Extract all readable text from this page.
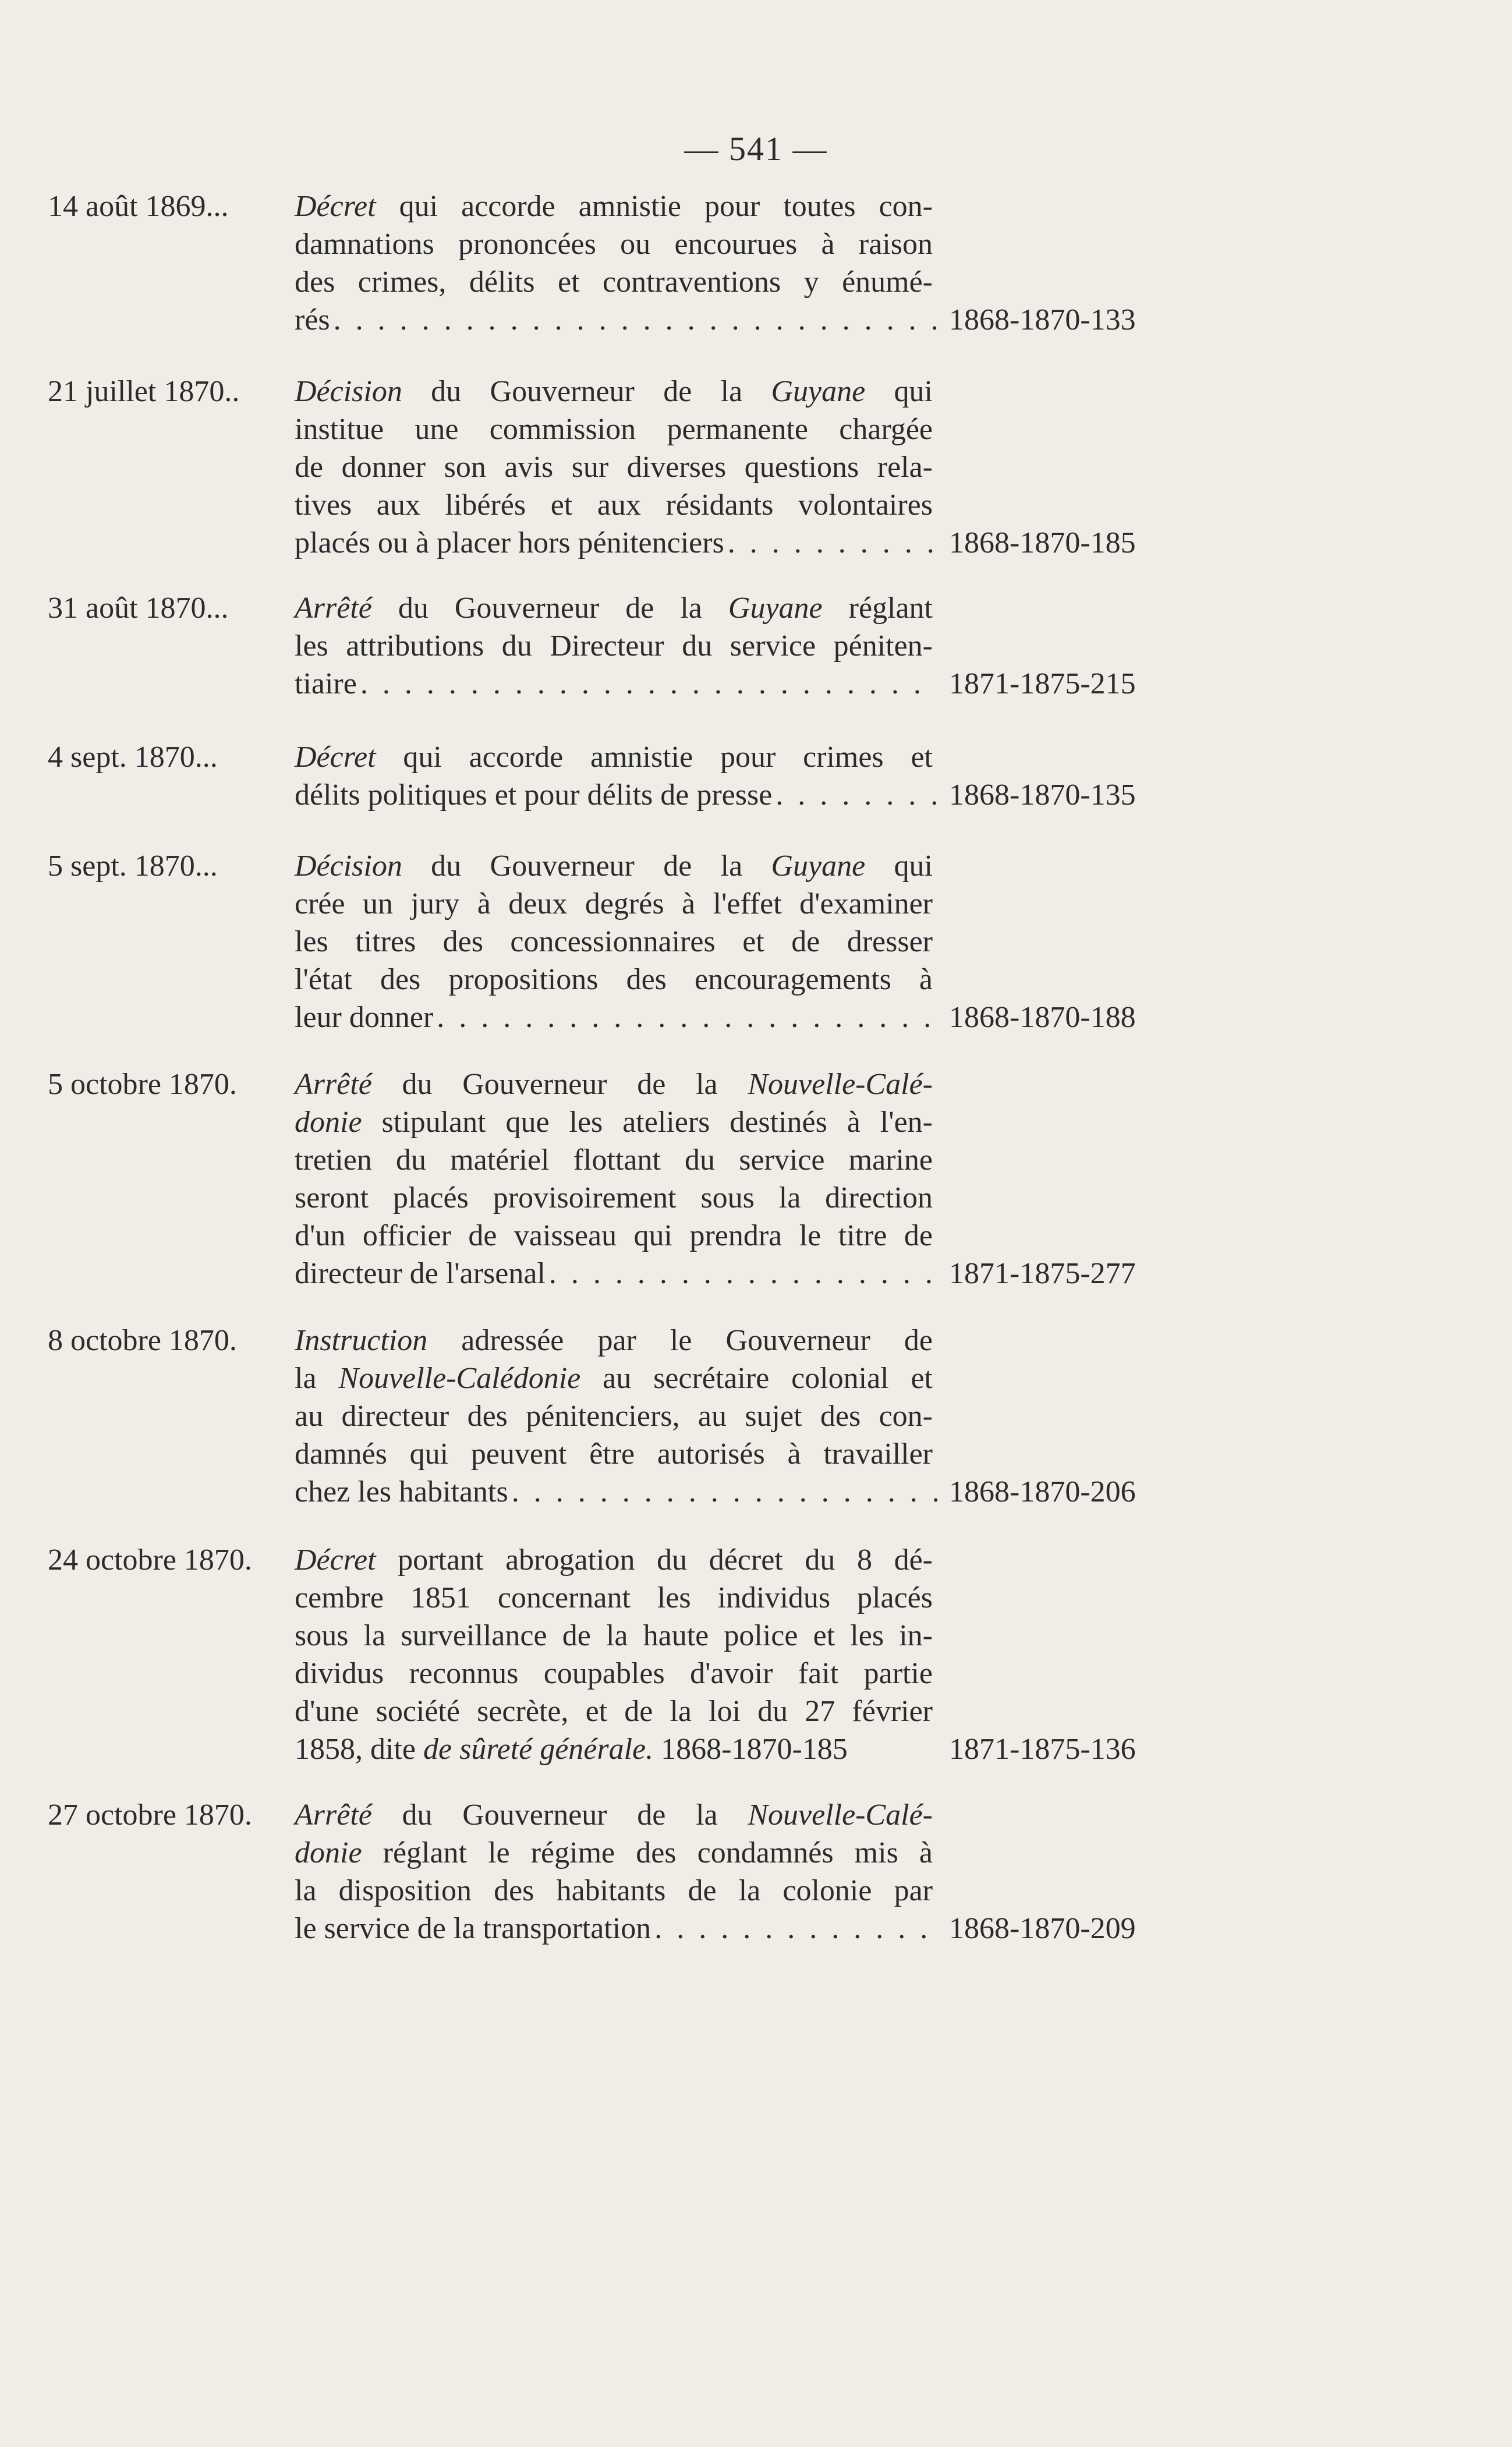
— 541 —
14 août 1869... Décret qui accorde amnistie pour toutes con-
damnations prononcées ou encourues à raison
des crimes, délits et contraventions y énumé-
rés . . .	1868-1870-133
21 juillet 1870.. Décision du Gouverneur de la Guyane qui
institue une commission permanente chargée
de donner son avis sur diverses questions rela-
tives aux libérés et aux résidants volontaires
placés ou à placer hors pénitenciers . . .	1868-1870-185
31 août 1870... Arrêté du Gouverneur de la Guyane réglant
les attributions du Directeur du service péniten-
tiaire . . .	1871-1875-215
4 sept. 1870...	Décret qui accorde amnistie pour crimes et
délits politiques et pour délits de presse . . .	1868-1870-135
5 sept. 1870...	Décision du Gouverneur de la Guyane qui
crée un jury à deux degrés à l'effet d'examiner
les titres des concessionnaires et de dresser
l'état des propositions des encouragements à
leur donner . . .	1868-1870-188
5 octobre 1870. Arrêté du Gouverneur de la Nouvelle-Calé-
donie stipulant que les ateliers destinés à l'en-
tretien du matériel flottant du service marine
seront placés provisoirement sous la direction
d'un officier de vaisseau qui prendra le titre de
directeur de l'arsenal . . .	1871-1875-277
8 octobre 1870. Instruction adressée par le Gouverneur de
la Nouvelle-Calédonie au secrétaire colonial et
au directeur des pénitenciers, au sujet des con-
damnés qui peuvent être autorisés à travailler
chez les habitants . . .	1868-1870-206
24 octobre 1870. Décret portant abrogation du décret du 8 dé-
cembre 1851 concernant les individus placés
sous la surveillance de la haute police et les in-
dividus reconnus coupables d'avoir fait partie
d'une société secrète, et de la loi du 27 février
1858, dite de sûreté générale. 1868-1870-185	1871-1875-136
27 octobre 1870. Arrêté du Gouverneur de la Nouvelle-Calé-
donie réglant le régime des condamnés mis à
la disposition des habitants de la colonie par
le service de la transportation . . .	1868-1870-209
